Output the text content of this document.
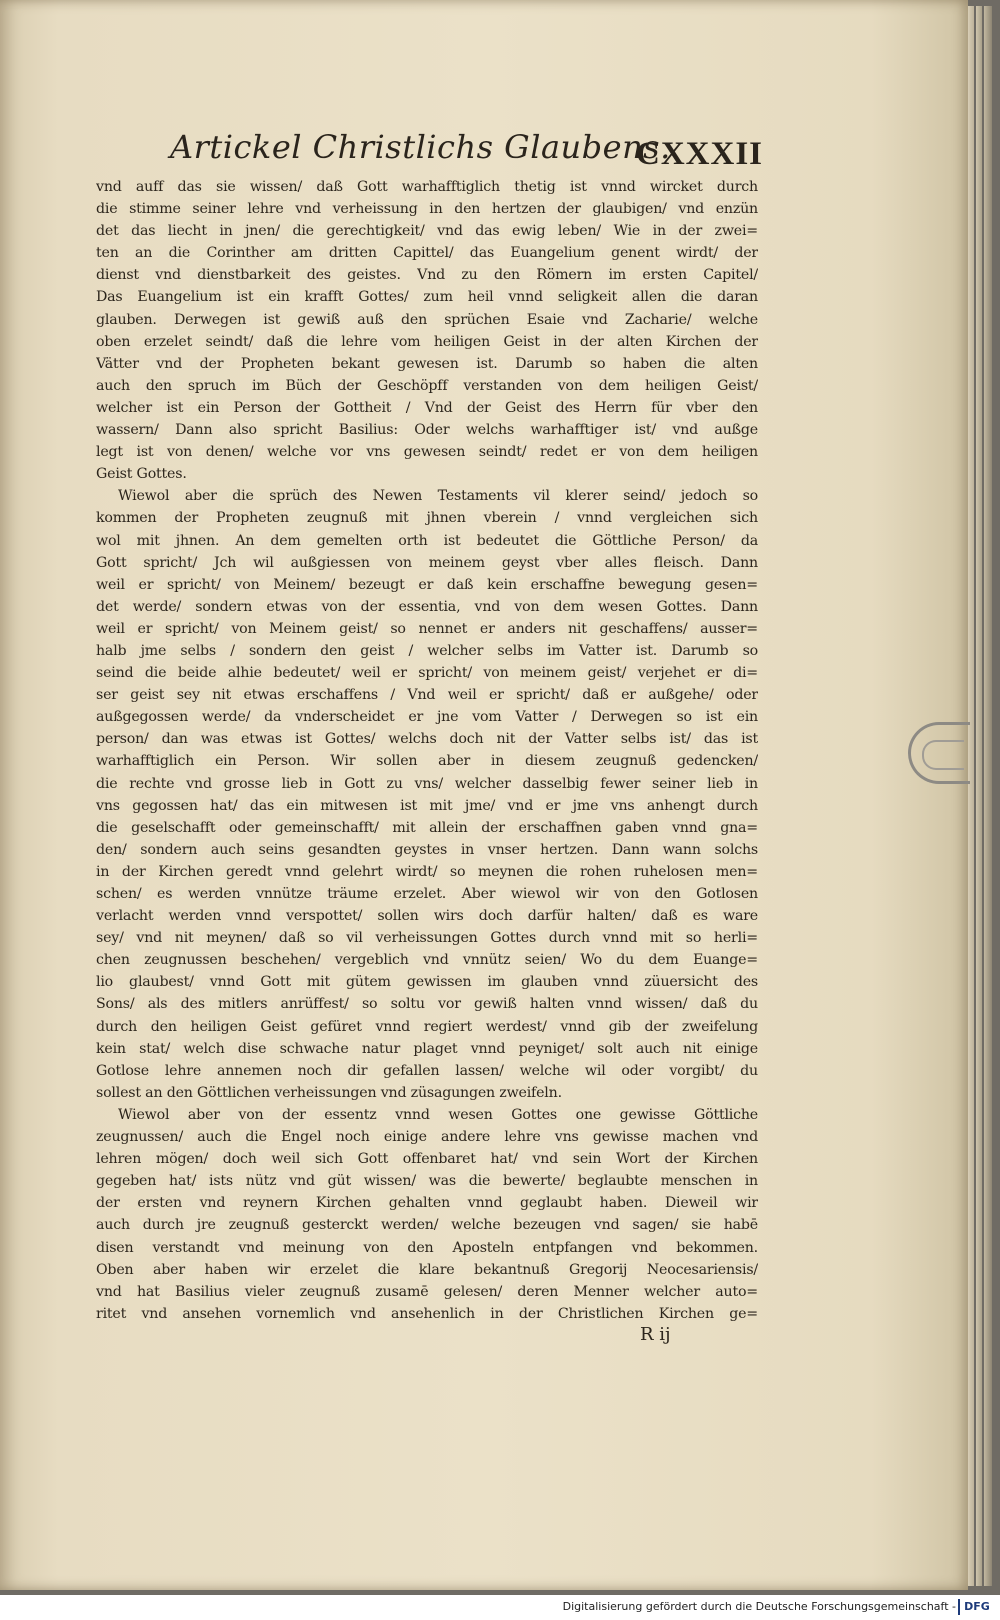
Artickel Christlichs Glaubens.
CXXXII
vnd auff das sie wissen/ daß Gott warhafftiglich thetig ist vnnd wircket durch
die stimme seiner lehre vnd verheissung in den hertzen der glaubigen/ vnd enzün
det das liecht in jnen/ die gerechtigkeit/ vnd das ewig leben/ Wie in der zwei=
ten an die Corinther am dritten Capittel/ das Euangelium genent wirdt/ der
dienst vnd dienstbarkeit des geistes. Vnd zu den Römern im ersten Capitel/
Das Euangelium ist ein krafft Gottes/ zum heil vnnd seligkeit allen die daran
glauben. Derwegen ist gewiß auß den sprüchen Esaie vnd Zacharie/ welche
oben erzelet seindt/ daß die lehre vom heiligen Geist in der alten Kirchen der
Vätter vnd der Propheten bekant gewesen ist. Darumb so haben die alten
auch den spruch im Büch der Geschöpff verstanden von dem heiligen Geist/
welcher ist ein Person der Gottheit / Vnd der Geist des Herrn für vber den
wassern/ Dann also spricht Basilius: Oder welchs warhafftiger ist/ vnd außge
legt ist von denen/ welche vor vns gewesen seindt/ redet er von dem heiligen
Geist Gottes.
Wiewol aber die sprüch des Newen Testaments vil klerer seind/ jedoch so
kommen der Propheten zeugnuß mit jhnen vberein / vnnd vergleichen sich
wol mit jhnen. An dem gemelten orth ist bedeutet die Göttliche Person/ da
Gott spricht/ Jch wil außgiessen von meinem geyst vber alles fleisch. Dann
weil er spricht/ von Meinem/ bezeugt er daß kein erschaffne bewegung gesen=
det werde/ sondern etwas von der essentia, vnd von dem wesen Gottes. Dann
weil er spricht/ von Meinem geist/ so nennet er anders nit geschaffens/ ausser=
halb jme selbs / sondern den geist / welcher selbs im Vatter ist. Darumb so
seind die beide alhie bedeutet/ weil er spricht/ von meinem geist/ verjehet er di=
ser geist sey nit etwas erschaffens / Vnd weil er spricht/ daß er außgehe/ oder
außgegossen werde/ da vnderscheidet er jne vom Vatter / Derwegen so ist ein
person/ dan was etwas ist Gottes/ welchs doch nit der Vatter selbs ist/ das ist
warhafftiglich ein Person. Wir sollen aber in diesem zeugnuß gedencken/
die rechte vnd grosse lieb in Gott zu vns/ welcher dasselbig fewer seiner lieb in
vns gegossen hat/ das ein mitwesen ist mit jme/ vnd er jme vns anhengt durch
die geselschafft oder gemeinschafft/ mit allein der erschaffnen gaben vnnd gna=
den/ sondern auch seins gesandten geystes in vnser hertzen. Dann wann solchs
in der Kirchen geredt vnnd gelehrt wirdt/ so meynen die rohen ruhelosen men=
schen/ es werden vnnütze träume erzelet. Aber wiewol wir von den Gotlosen
verlacht werden vnnd verspottet/ sollen wirs doch darfür halten/ daß es ware
sey/ vnd nit meynen/ daß so vil verheissungen Gottes durch vnnd mit so herli=
chen zeugnussen beschehen/ vergeblich vnd vnnütz seien/ Wo du dem Euange=
lio glaubest/ vnnd Gott mit gütem gewissen im glauben vnnd züuersicht des
Sons/ als des mitlers anrüffest/ so soltu vor gewiß halten vnnd wissen/ daß du
durch den heiligen Geist gefüret vnnd regiert werdest/ vnnd gib der zweifelung
kein stat/ welch dise schwache natur plaget vnnd peyniget/ solt auch nit einige
Gotlose lehre annemen noch dir gefallen lassen/ welche wil oder vorgibt/ du
sollest an den Göttlichen verheissungen vnd züsagungen zweifeln.
Wiewol aber von der essentz vnnd wesen Gottes one gewisse Göttliche
zeugnussen/ auch die Engel noch einige andere lehre vns gewisse machen vnd
lehren mögen/ doch weil sich Gott offenbaret hat/ vnd sein Wort der Kirchen
gegeben hat/ ists nütz vnd güt wissen/ was die bewerte/ beglaubte menschen in
der ersten vnd reynern Kirchen gehalten vnnd geglaubt haben. Dieweil wir
auch durch jre zeugnuß gesterckt werden/ welche bezeugen vnd sagen/ sie habē
disen verstandt vnd meinung von den Aposteln entpfangen vnd bekommen.
Oben aber haben wir erzelet die klare bekantnuß Gregorij Neocesariensis/
vnd hat Basilius vieler zeugnuß zusamē gelesen/ deren Menner welcher auto=
ritet vnd ansehen vornemlich vnd ansehenlich in der Christlichen Kirchen ge=
R ij
Digitalisierung gefördert durch die Deutsche Forschungsgemeinschaft - DFG
